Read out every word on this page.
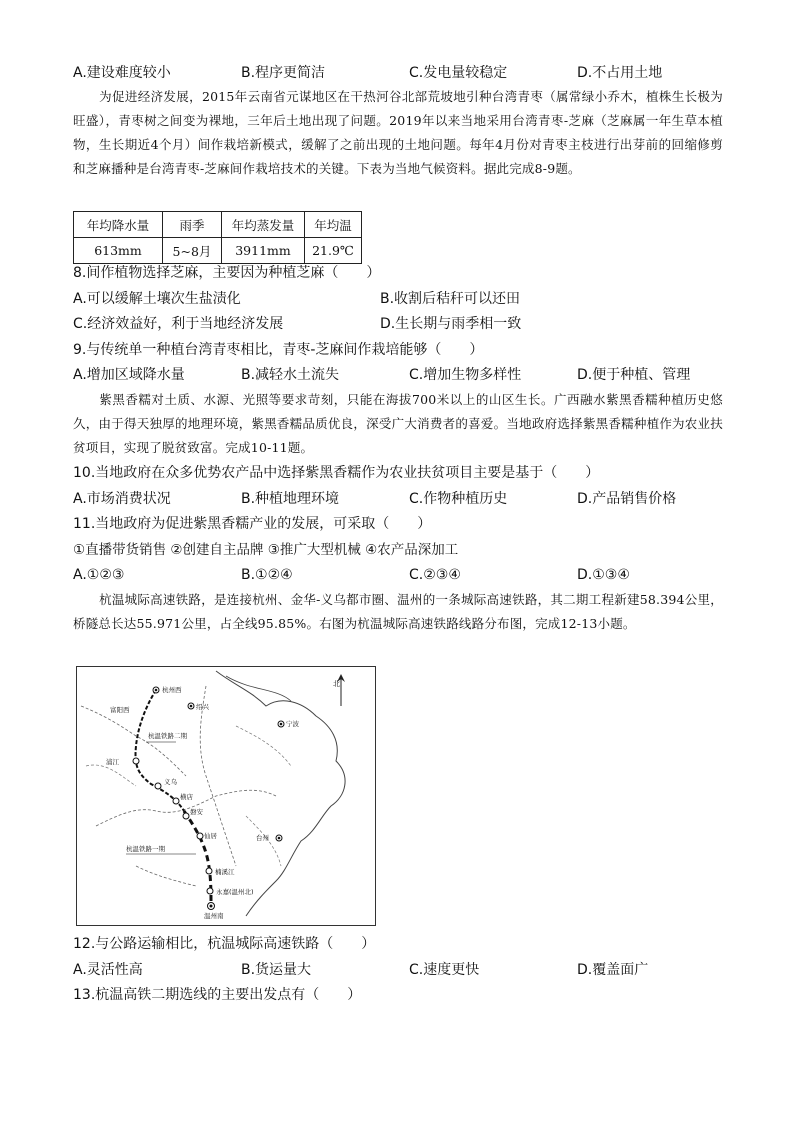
A.建设难度较小	B.程序更简洁	C.发电量较稳定	D.不占用土地
为促进经济发展，2015年云南省元谋地区在干热河谷北部荒坡地引种台湾青枣（属常绿小乔木，植株生长极为旺盛），青枣树之间变为裸地，三年后土地出现了问题。2019年以来当地采用台湾青枣-芝麻（芝麻属一年生草本植物，生长期近4个月）间作栽培新模式，缓解了之前出现的土地问题。每年4月份对青枣主枝进行出芽前的回缩修剪和芝麻播种是台湾青枣-芝麻间作栽培技术的关键。下表为当地气候资料。据此完成8-9题。
年均降水量	雨季	年均蒸发量	年均温
613mm	5~8月	3911mm	21.9℃
8.间作植物选择芝麻，主要因为种植芝麻（　　）
A.可以缓解土壤次生盐渍化	B.收割后秸秆可以还田
C.经济效益好，利于当地经济发展	D.生长期与雨季相一致
9.与传统单一种植台湾青枣相比，青枣-芝麻间作栽培能够（　　）
A.增加区域降水量	B.减轻水土流失	C.增加生物多样性	D.便于种植、管理
紫黑香糯对土质、水源、光照等要求苛刻，只能在海拔700米以上的山区生长。广西融水紫黑香糯种植历史悠久，由于得天独厚的地理环境，紫黑香糯品质优良，深受广大消费者的喜爱。当地政府选择紫黑香糯种植作为农业扶贫项目，实现了脱贫致富。完成10-11题。
10.当地政府在众多优势农产品中选择紫黑香糯作为农业扶贫项目主要是基于（　　）
A.市场消费状况	B.种植地理环境	C.作物种植历史	D.产品销售价格
11.当地政府为促进紫黑香糯产业的发展，可采取（　　）
①直播带货销售 ②创建自主品牌 ③推广大型机械 ④农产品深加工
A.①②③	B.①②④	C.②③④	D.①③④
杭温城际高速铁路，是连接杭州、金华-义乌都市圈、温州的一条城际高速铁路，其二期工程新建58.394公里，桥隧总长达55.971公里，占全线95.85%。右图为杭温城际高速铁路线路分布图，完成12-13小题。
北
杭州西
富阳西	绍兴
宁波
杭温铁路二期
浦江
义乌
横店
磐安
仙居	台州
杭温铁路一期
楠溪江
永嘉(温州北)
温州南
12.与公路运输相比，杭温城际高速铁路（　　）
A.灵活性高	B.货运量大	C.速度更快	D.覆盖面广
13.杭温高铁二期选线的主要出发点有（　　）
